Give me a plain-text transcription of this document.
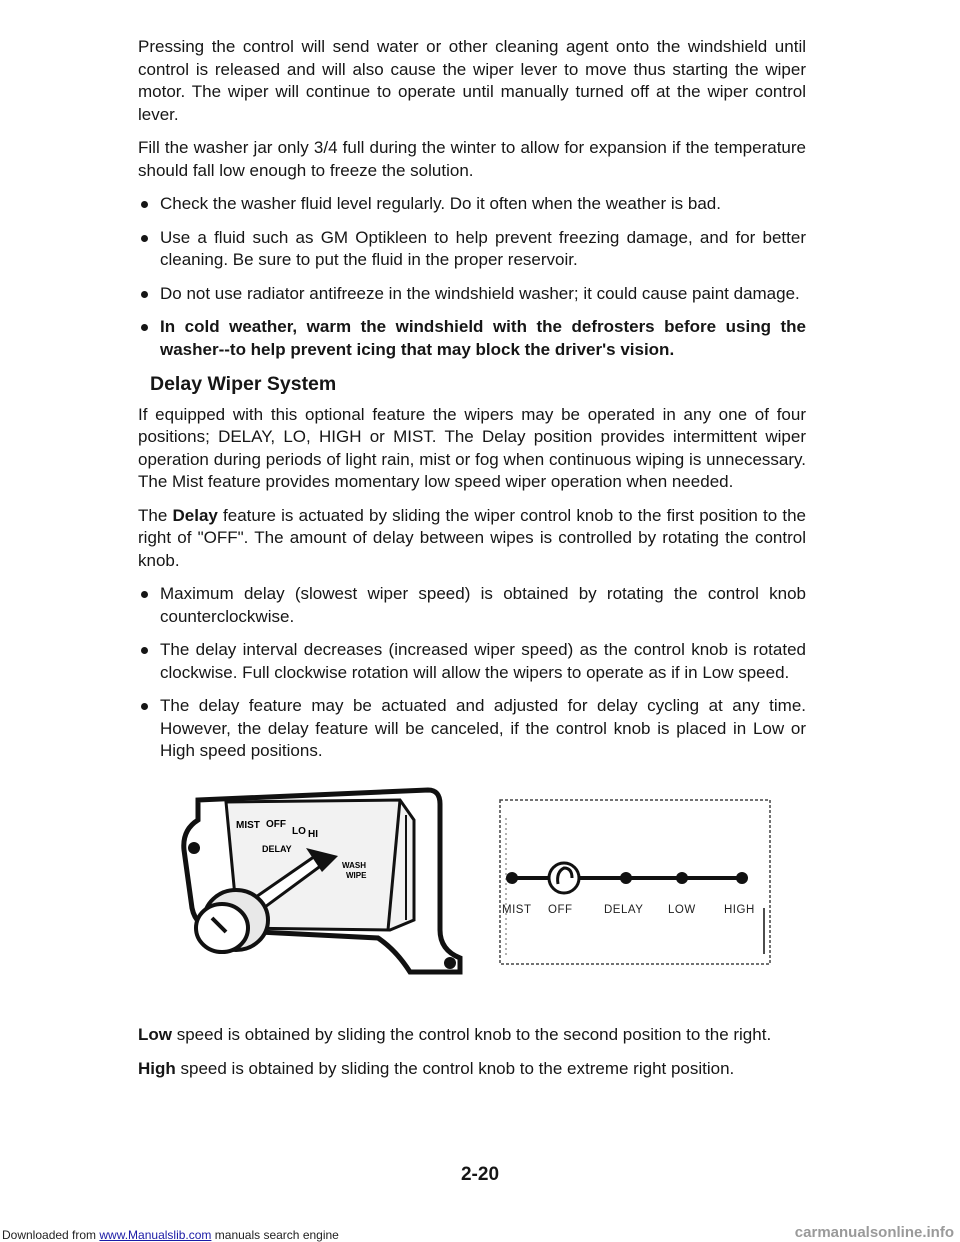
Pressing the control will send water or other cleaning agent onto the windshield until control is released and will also cause the wiper lever to move thus starting the wiper motor. The wiper will continue to operate until manually turned off at the wiper control lever.

Fill the washer jar only 3/4 full during the winter to allow for expansion if the temperature should fall low enough to freeze the solution.

Check the washer fluid level regularly. Do it often when the weather is bad.
Use a fluid such as GM Optikleen to help prevent freezing damage, and for better cleaning. Be sure to put the fluid in the proper reservoir.
Do not use radiator antifreeze in the windshield washer; it could cause paint damage.
In cold weather, warm the windshield with the defrosters before using the washer--to help prevent icing that may block the driver's vision.
Delay Wiper System

If equipped with this optional feature the wipers may be operated in any one of four positions; DELAY, LO, HIGH or MIST. The Delay position provides intermittent wiper operation during periods of light rain, mist or fog when continuous wiping is unnecessary. The Mist feature provides momentary low speed wiper operation when needed.

The Delay feature is actuated by sliding the wiper control knob to the first position to the right of "OFF". The amount of delay between wipes is controlled by rotating the control knob.

Maximum delay (slowest wiper speed) is obtained by rotating the control knob counterclockwise.
The delay interval decreases (increased wiper speed) as the control knob is rotated clockwise. Full clockwise rotation will allow the wipers to operate as if in Low speed.
The delay feature may be actuated and adjusted for delay cycling at any time. However, the delay feature will be canceled, if the control knob is placed in Low or High speed positions.
MIST OFF
LO HI
DELAY
WASH
WIPE
MIST OFF	DELAY LOW HIGH

Low speed is obtained by sliding the control knob to the second position to the right.

High speed is obtained by sliding the control knob to the extreme right position.

2-20
Downloaded from www.Manualslib.com manuals search engine	carmanualsonline.info
